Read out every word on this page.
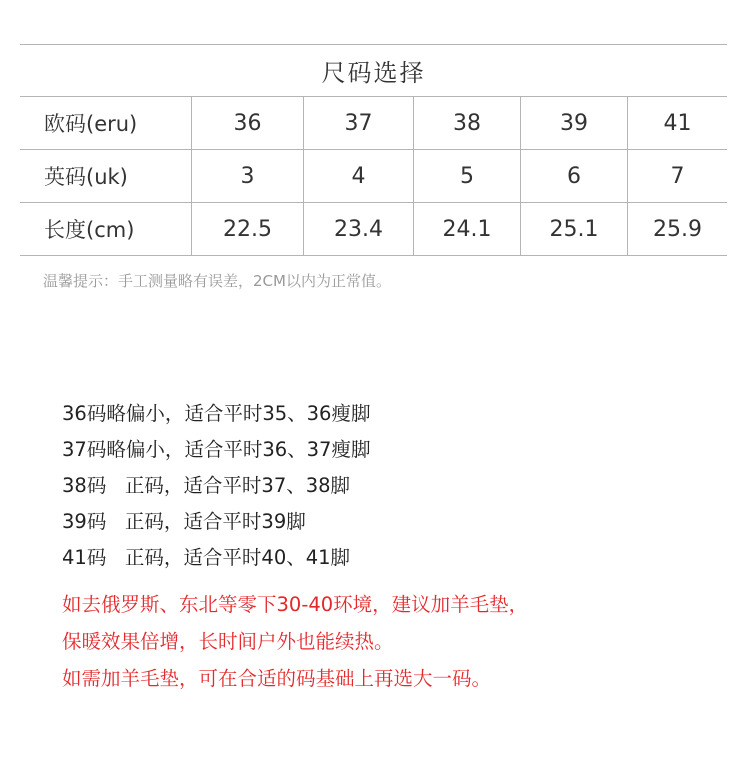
尺码选择
欧码(eru)	36	37	38	39	41
英码(uk)	3	4	5	6	7
长度(cm)	22.5	23.4	24.1	25.1	25.9
温馨提示：手工测量略有误差，2CM以内为正常值。
36码略偏小，适合平时35、36瘦脚
37码略偏小，适合平时36、37瘦脚
38码   正码，适合平时37、38脚
39码   正码，适合平时39脚
41码   正码，适合平时40、41脚
如去俄罗斯、东北等零下30-40环境，建议加羊毛垫，
保暖效果倍增，长时间户外也能续热。
如需加羊毛垫，可在合适的码基础上再选大一码。
